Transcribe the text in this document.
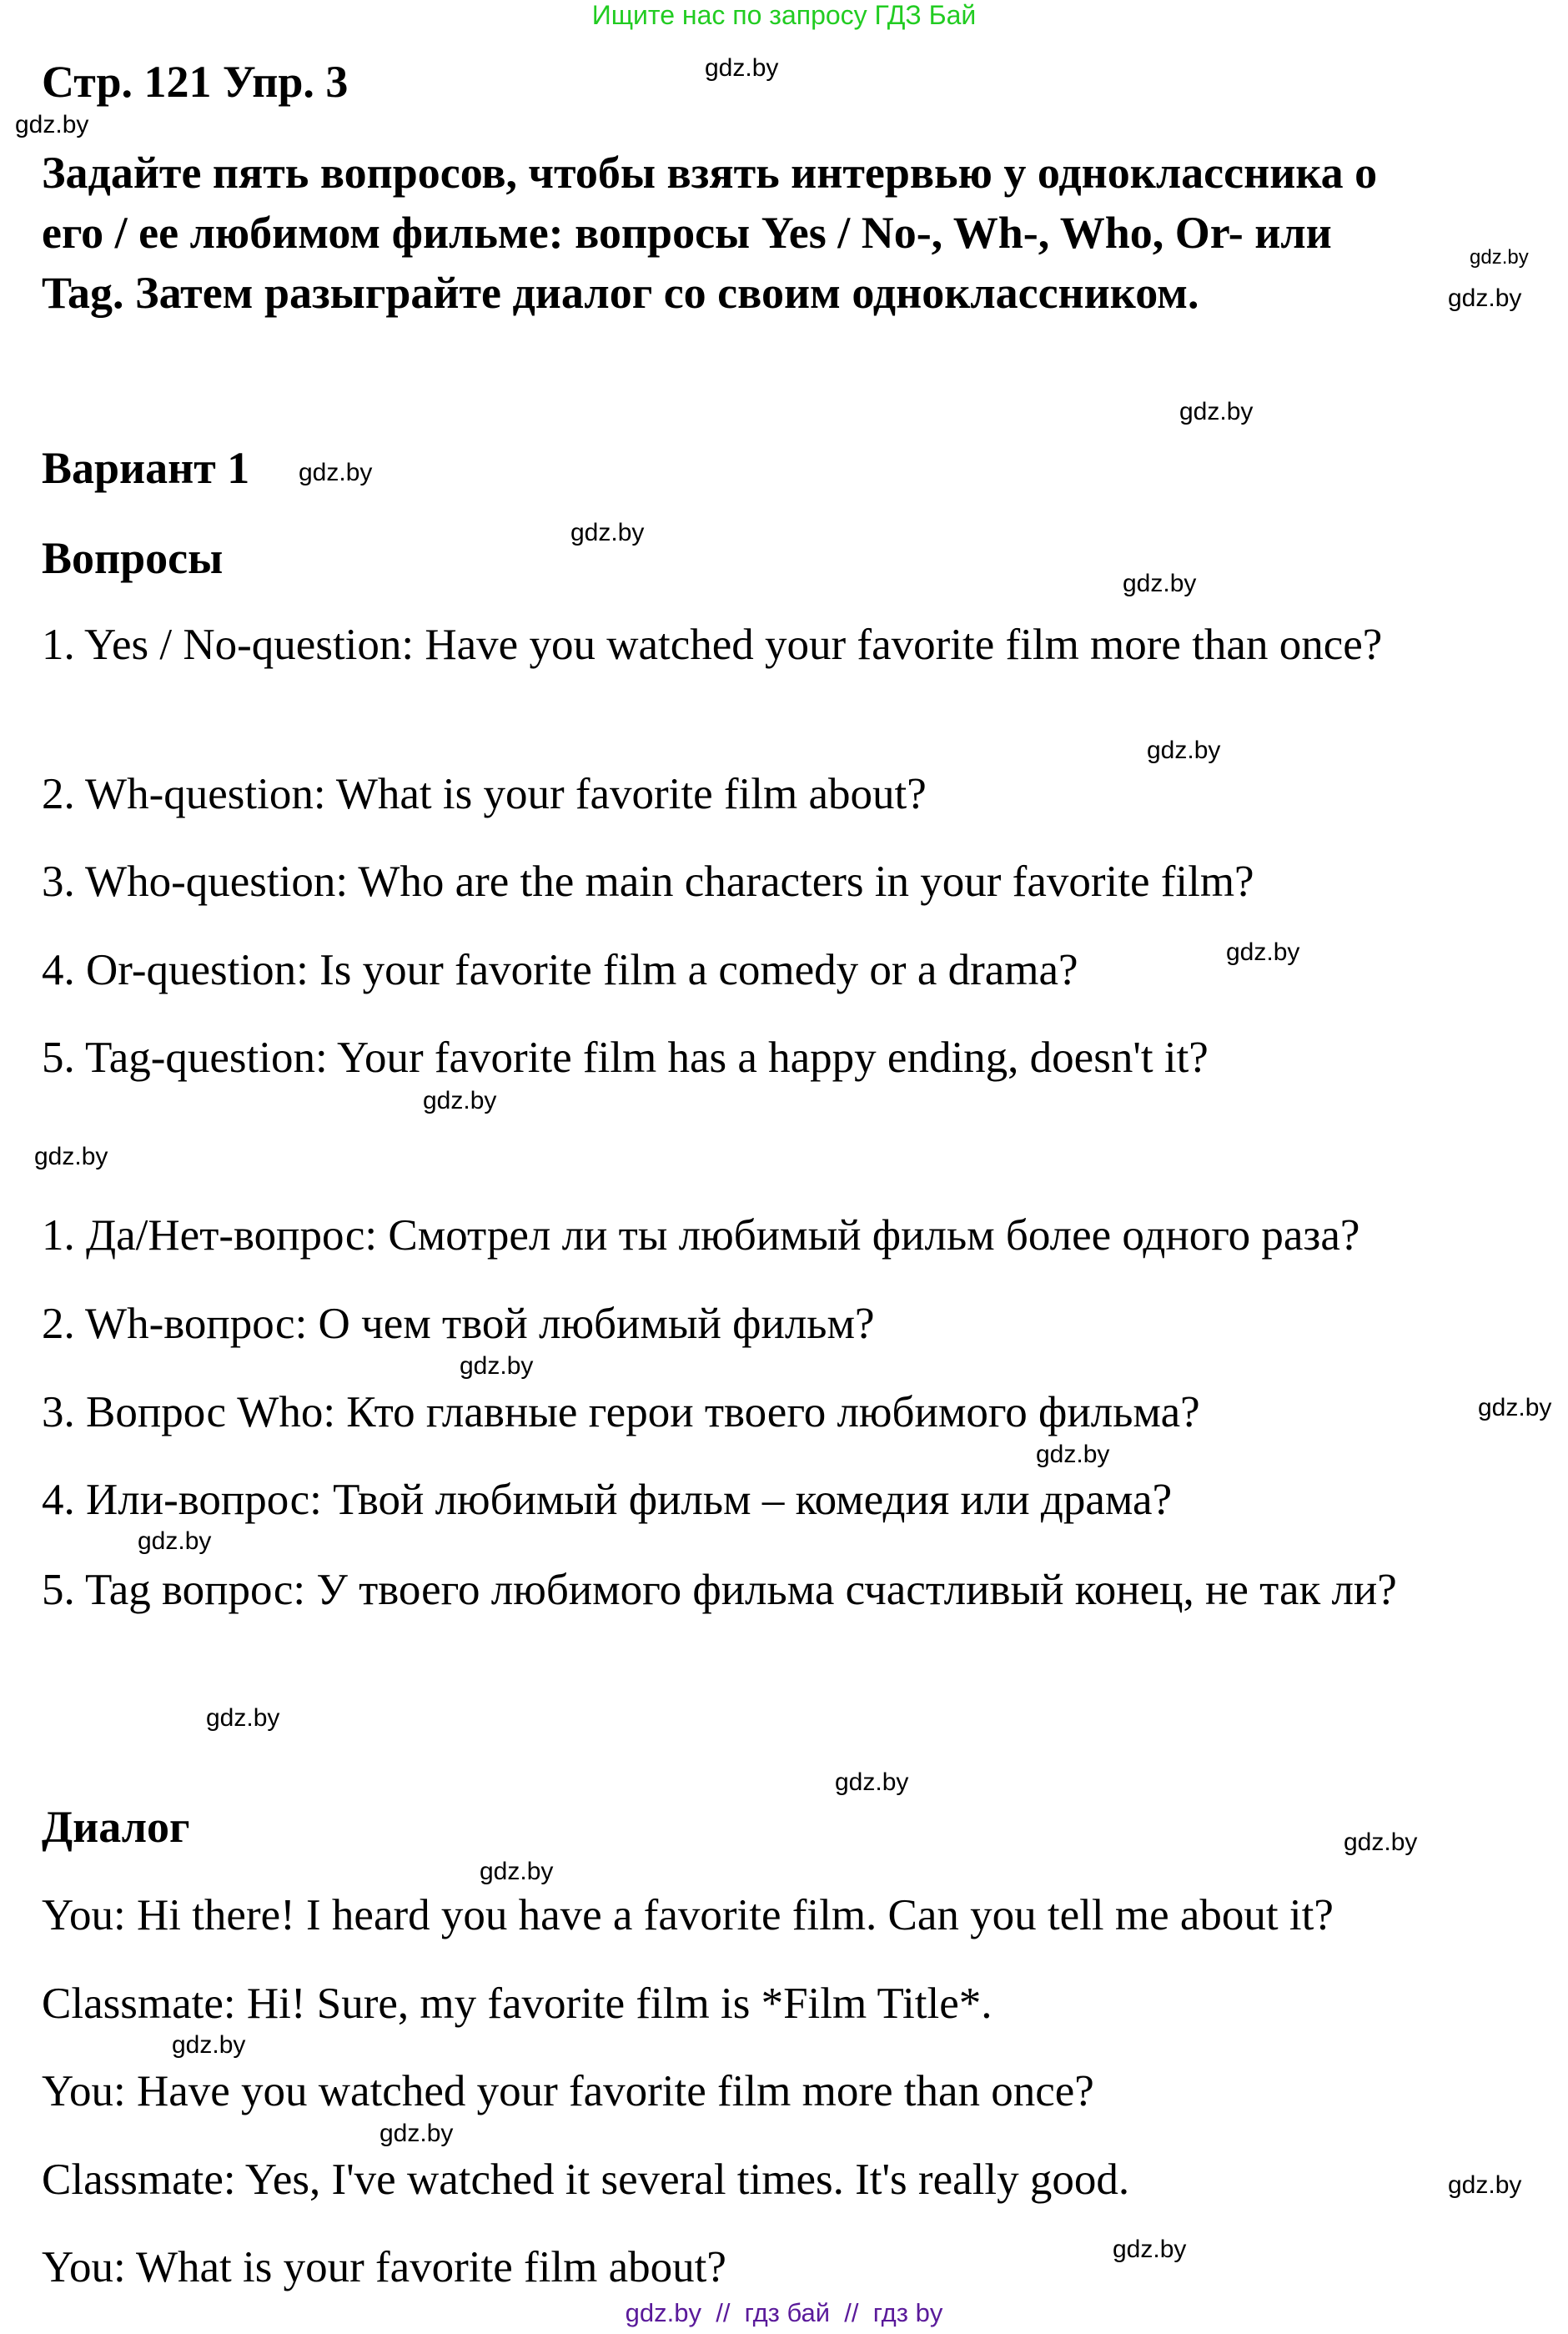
Ищите нас по запросу ГДЗ Бай
Стр. 121 Упр. 3
Задайте пять вопросов, чтобы взять интервью у одноклассника о
его / ее любимом фильме: вопросы Yes / No-, Wh-, Who, Or- или
Tag. Затем разыграйте диалог со своим одноклассником.
Вариант 1
Вопросы
1. Yes / No-question: Have you watched your favorite film more than once?
2. Wh-question: What is your favorite film about?
3. Who-question: Who are the main characters in your favorite film?
4. Or-question: Is your favorite film a comedy or a drama?
5. Tag-question: Your favorite film has a happy ending, doesn't it?
1. Да/Нет-вопрос: Смотрел ли ты любимый фильм более одного раза?
2. Wh-вопрос: О чем твой любимый фильм?
3. Вопрос Who: Кто главные герои твоего любимого фильма?
4. Или-вопрос: Твой любимый фильм – комедия или драма?
5. Tag вопрос: У твоего любимого фильма счастливый конец, не так ли?
Диалог
You: Hi there! I heard you have a favorite film. Can you tell me about it?
Classmate: Hi! Sure, my favorite film is *Film Title*.
You: Have you watched your favorite film more than once?
Classmate: Yes, I've watched it several times. It's really good.
You: What is your favorite film about?
gdz.by
gdz.by
gdz.by
gdz.by
gdz.by
gdz.by
gdz.by
gdz.by
gdz.by
gdz.by
gdz.by
gdz.by
gdz.by
gdz.by
gdz.by
gdz.by
gdz.by
gdz.by
gdz.by
gdz.by
gdz.by
gdz.by
gdz.by
gdz.by
gdz.by  //  гдз бай  //  гдз by
